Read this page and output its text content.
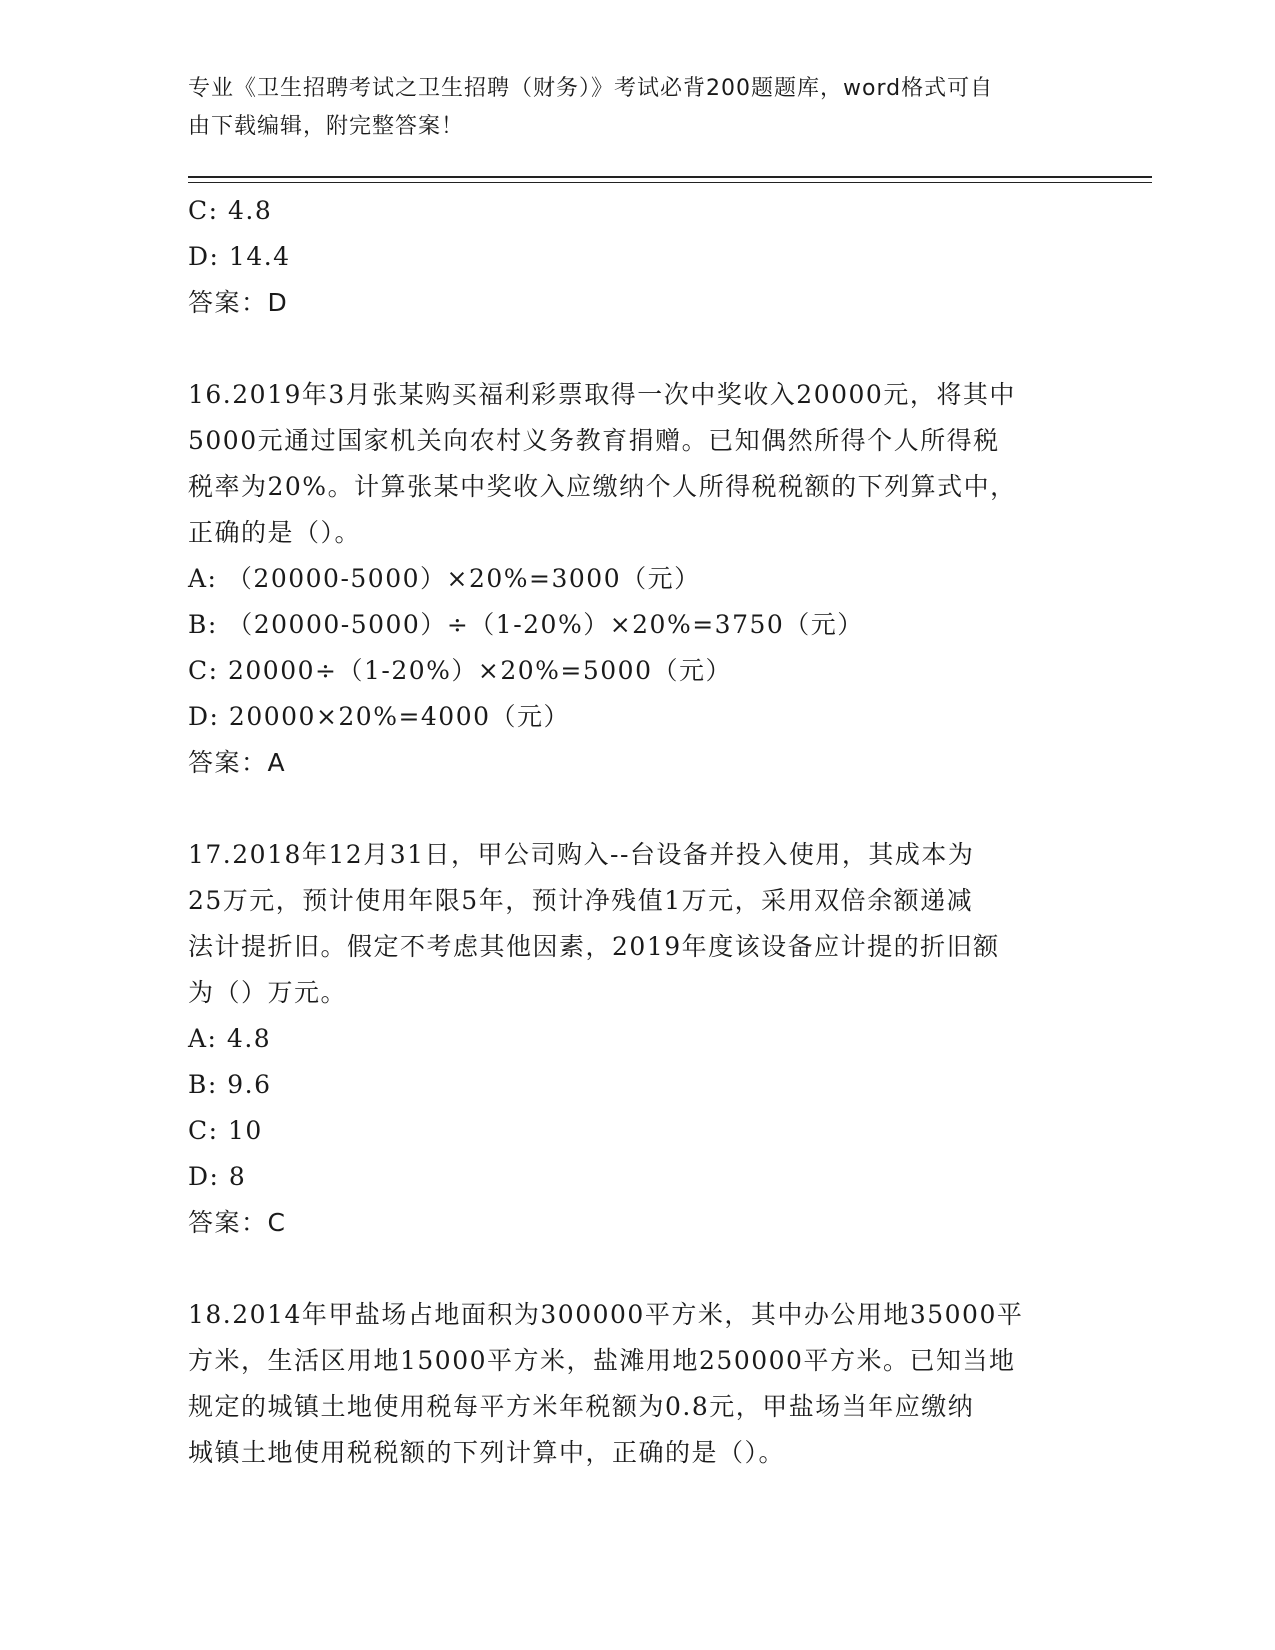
专业《卫生招聘考试之卫生招聘（财务）》考试必背200题题库，word格式可自
由下载编辑，附完整答案！
C: 4.8
D: 14.4
答案：D
16.2019年3月张某购买福利彩票取得一次中奖收入20000元，将其中
5000元通过国家机关向农村义务教育捐赠。已知偶然所得个人所得税
税率为20%。计算张某中奖收入应缴纳个人所得税税额的下列算式中，
正确的是（）。
A: （20000-5000）×20%=3000（元）
B: （20000-5000）÷（1-20%）×20%=3750（元）
C: 20000÷（1-20%）×20%=5000（元）
D: 20000×20%=4000（元）
答案：A
17.2018年12月31日，甲公司购入--台设备并投入使用，其成本为
25万元，预计使用年限5年，预计净残值1万元，采用双倍余额递减
法计提折旧。假定不考虑其他因素，2019年度该设备应计提的折旧额
为（）万元。
A: 4.8
B: 9.6
C: 10
D: 8
答案：C
18.2014年甲盐场占地面积为300000平方米，其中办公用地35000平
方米，生活区用地15000平方米，盐滩用地250000平方米。已知当地
规定的城镇土地使用税每平方米年税额为0.8元，甲盐场当年应缴纳
城镇土地使用税税额的下列计算中，正确的是（）。
